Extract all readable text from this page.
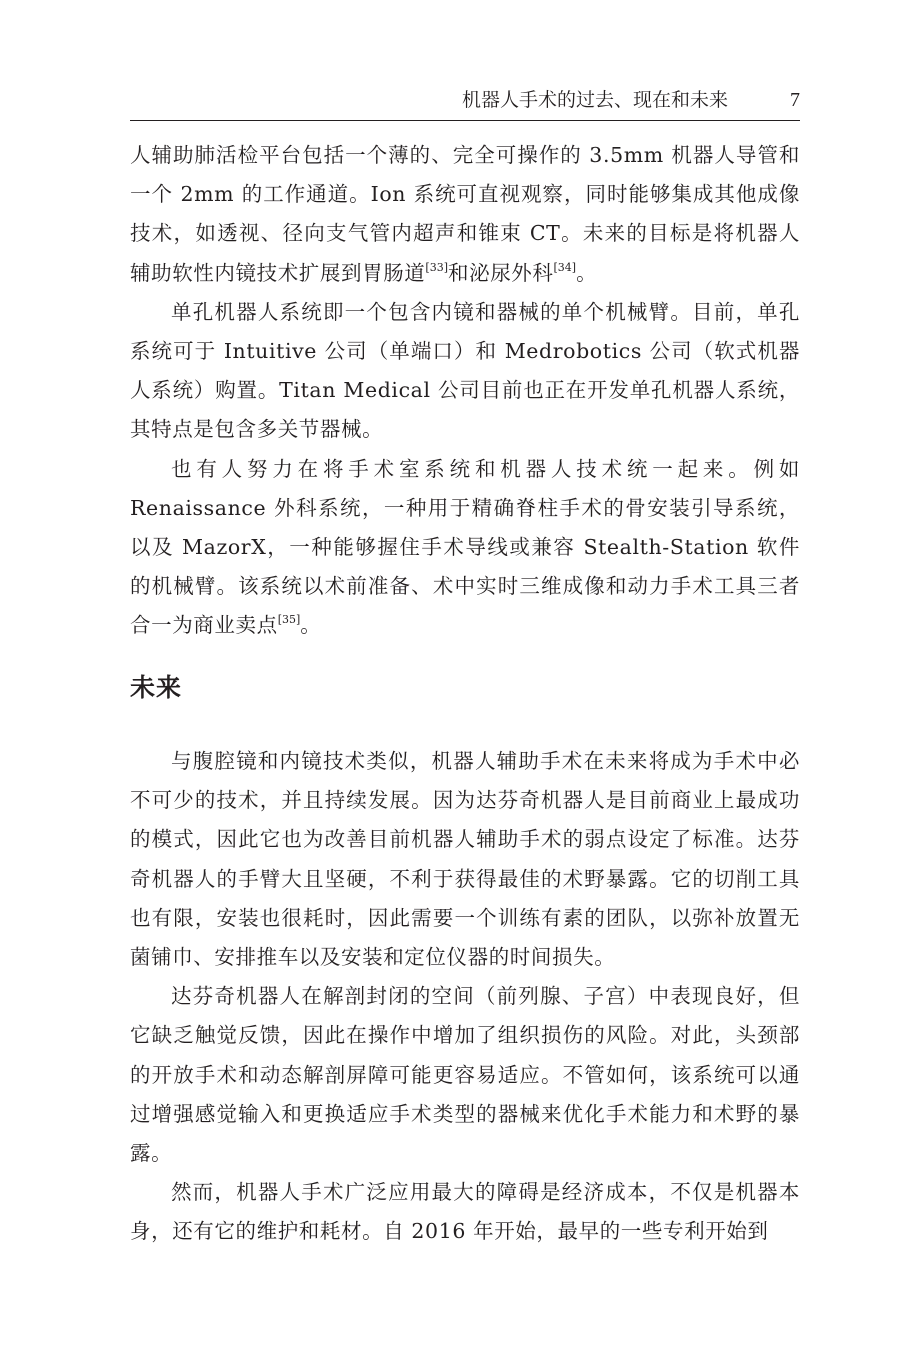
机器人手术的过去、现在和未来	7

人辅助肺活检平台包括一个薄的、完全可操作的 3.5mm 机器人导管和一个 2mm 的工作通道。Ion 系统可直视观察，同时能够集成其他成像技术，如透视、径向支气管内超声和锥束 CT。未来的目标是将机器人辅助软性内镜技术扩展到胃肠道[33]和泌尿外科[34]。

单孔机器人系统即一个包含内镜和器械的单个机械臂。目前，单孔系统可于 Intuitive 公司（单端口）和 Medrobotics 公司（软式机器人系统）购置。Titan Medical 公司目前也正在开发单孔机器人系统，其特点是包含多关节器械。

也有人努力在将手术室系统和机器人技术统一起来。例如 Renaissance 外科系统，一种用于精确脊柱手术的骨安装引导系统，以及 MazorX，一种能够握住手术导线或兼容 Stealth-Station 软件的机械臂。该系统以术前准备、术中实时三维成像和动力手术工具三者合一为商业卖点[35]。

未来

与腹腔镜和内镜技术类似，机器人辅助手术在未来将成为手术中必不可少的技术，并且持续发展。因为达芬奇机器人是目前商业上最成功的模式，因此它也为改善目前机器人辅助手术的弱点设定了标准。达芬奇机器人的手臂大且坚硬，不利于获得最佳的术野暴露。它的切削工具也有限，安装也很耗时，因此需要一个训练有素的团队，以弥补放置无菌铺巾、安排推车以及安装和定位仪器的时间损失。

达芬奇机器人在解剖封闭的空间（前列腺、子宫）中表现良好，但它缺乏触觉反馈，因此在操作中增加了组织损伤的风险。对此，头颈部的开放手术和动态解剖屏障可能更容易适应。不管如何，该系统可以通过增强感觉输入和更换适应手术类型的器械来优化手术能力和术野的暴露。

然而，机器人手术广泛应用最大的障碍是经济成本，不仅是机器本身，还有它的维护和耗材。自 2016 年开始，最早的一些专利开始到
